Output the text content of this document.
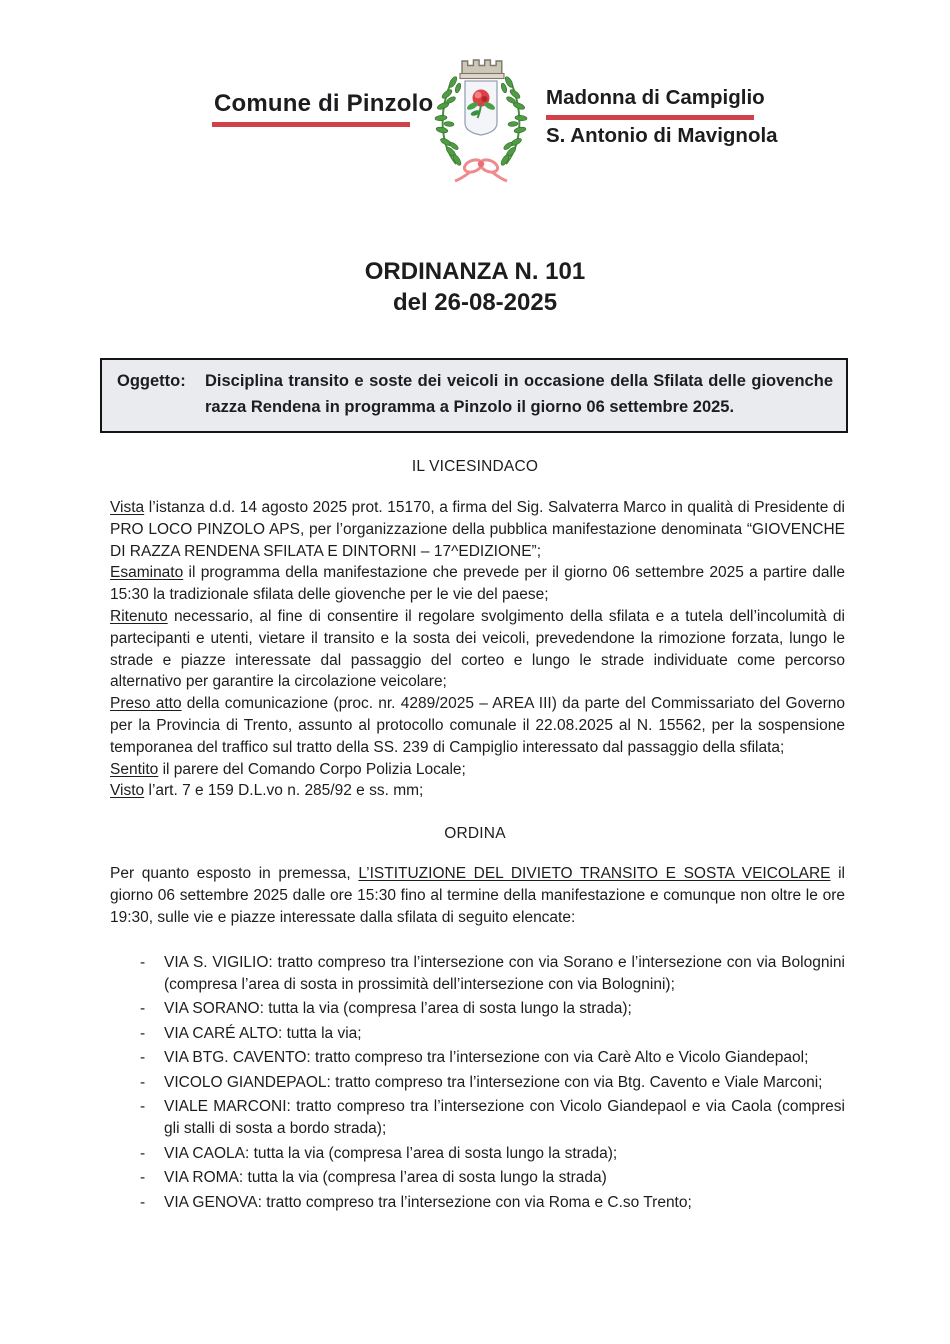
Comune di Pinzolo	Madonna di Campiglio
S. Antonio di Mavignola
ORDINANZA N. 101
del 26-08-2025
Oggetto:	Disciplina transito e soste dei veicoli in occasione della Sfilata delle giovenche razza Rendena in programma a Pinzolo il giorno 06 settembre 2025.
IL VICESINDACO

Vista l’istanza d.d. 14 agosto 2025 prot. 15170, a firma del Sig. Salvaterra Marco in qualità di Presidente di PRO LOCO PINZOLO APS, per l’organizzazione della pubblica manifestazione denominata “GIOVENCHE DI RAZZA RENDENA SFILATA E DINTORNI – 17^EDIZIONE”;

Esaminato il programma della manifestazione che prevede per il giorno 06 settembre 2025 a partire dalle 15:30 la tradizionale sfilata delle giovenche per le vie del paese;

Ritenuto necessario, al fine di consentire il regolare svolgimento della sfilata e a tutela dell’incolumità di partecipanti e utenti, vietare il transito e la sosta dei veicoli, prevedendone la rimozione forzata, lungo le strade e piazze interessate dal passaggio del corteo e lungo le strade individuate come percorso alternativo per garantire la circolazione veicolare;

Preso atto della comunicazione (proc. nr. 4289/2025 – AREA III) da parte del Commissariato del Governo per la Provincia di Trento, assunto al protocollo comunale il 22.08.2025 al N. 15562, per la sospensione temporanea del traffico sul tratto della SS. 239 di Campiglio interessato dal passaggio della sfilata;

Sentito il parere del Comando Corpo Polizia Locale;

Visto l’art. 7 e 159 D.L.vo n. 285/92 e ss. mm;

ORDINA

Per quanto esposto in premessa, L’ISTITUZIONE DEL DIVIETO TRANSITO E SOSTA VEICOLARE il giorno 06 settembre 2025 dalle ore 15:30 fino al termine della manifestazione e comunque non oltre le ore 19:30, sulle vie e piazze interessate dalla sfilata di seguito elencate:

-	VIA S. VIGILIO: tratto compreso tra l’intersezione con via Sorano e l’intersezione con via Bolognini (compresa l’area di sosta in prossimità dell’intersezione con via Bolognini);
-	VIA SORANO: tutta la via (compresa l’area di sosta lungo la strada);
-	VIA CARÉ ALTO: tutta la via;
-	VIA BTG. CAVENTO: tratto compreso tra l’intersezione con via Carè Alto e Vicolo Giandepaol;
-	VICOLO GIANDEPAOL: tratto compreso tra l’intersezione con via Btg. Cavento e Viale Marconi;
-	VIALE MARCONI: tratto compreso tra l’intersezione con Vicolo Giandepaol e via Caola (compresi gli stalli di sosta a bordo strada);
-	VIA CAOLA: tutta la via (compresa l’area di sosta lungo la strada);
-	VIA ROMA: tutta la via (compresa l’area di sosta lungo la strada)
-	VIA GENOVA: tratto compreso tra l’intersezione con via Roma e C.so Trento;
